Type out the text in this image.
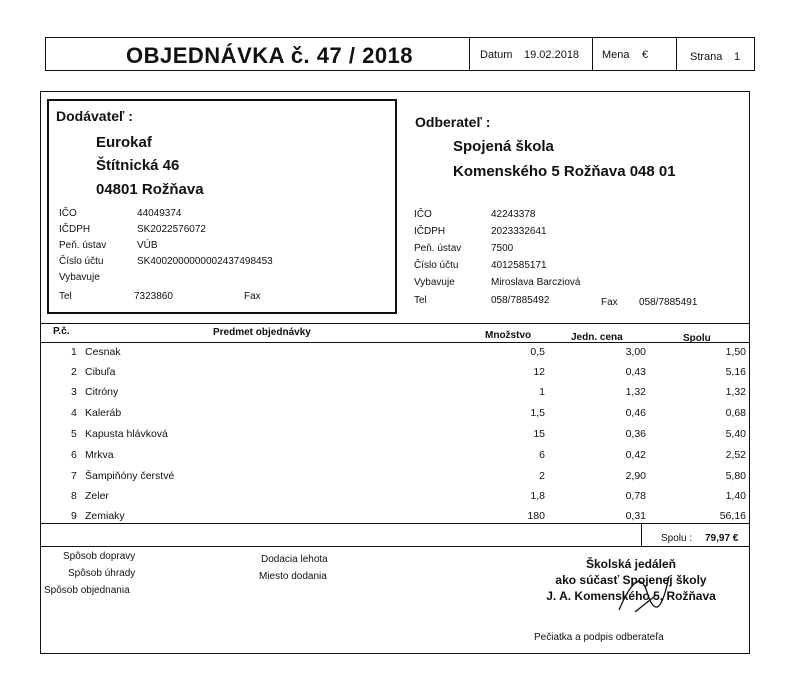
OBJEDNÁVKA č. 47 / 2018	Datum 19.02.2018 Mena €	Strana 1
Dodávateľ :
Eurokaf
Štítnická 46
04801 Rožňava
IČO	44049374
IČDPH	SK2022576072
Peň. ústav	VÚB
Číslo účtu	SK4002000000002437498453
Vybavuje
Tel	7323860	Fax
Odberateľ :
Spojená škola
Komenského 5 Rožňava 048 01
IČO	42243378
IČDPH	2023332641
Peň. ústav	7500
Číslo účtu	4012585171
Vybavuje	Miroslava Barcziová
Tel	058/7885492	Fax 058/7885491
P.č.	Predmet objednávky	Množstvo	Jedn. cena	Spolu
1 Cesnak	0,5	3,00	1,50
2 Cibuľa	12	0,43	5,16
3 Citróny	1	1,32	1,32
4 Kaleráb	1,5	0,46	0,68
5 Kapusta hlávková	15	0,36	5,40
6 Mrkva	6	0,42	2,52
7 Šampiňóny čerstvé	2	2,90	5,80
8 Zeler	1,8	0,78	1,40
9 Zemiaky	180	0,31	56,16
Spolu : 79,97 €
Spôsob dopravy
Spôsob úhrady
Spôsob objednania
Dodacia lehota
Miesto dodania
Školská jedáleň
ako súčasť Spojenej školy
J. A. Komenského 5, Rožňava
Pečiatka a podpis odberateľa
